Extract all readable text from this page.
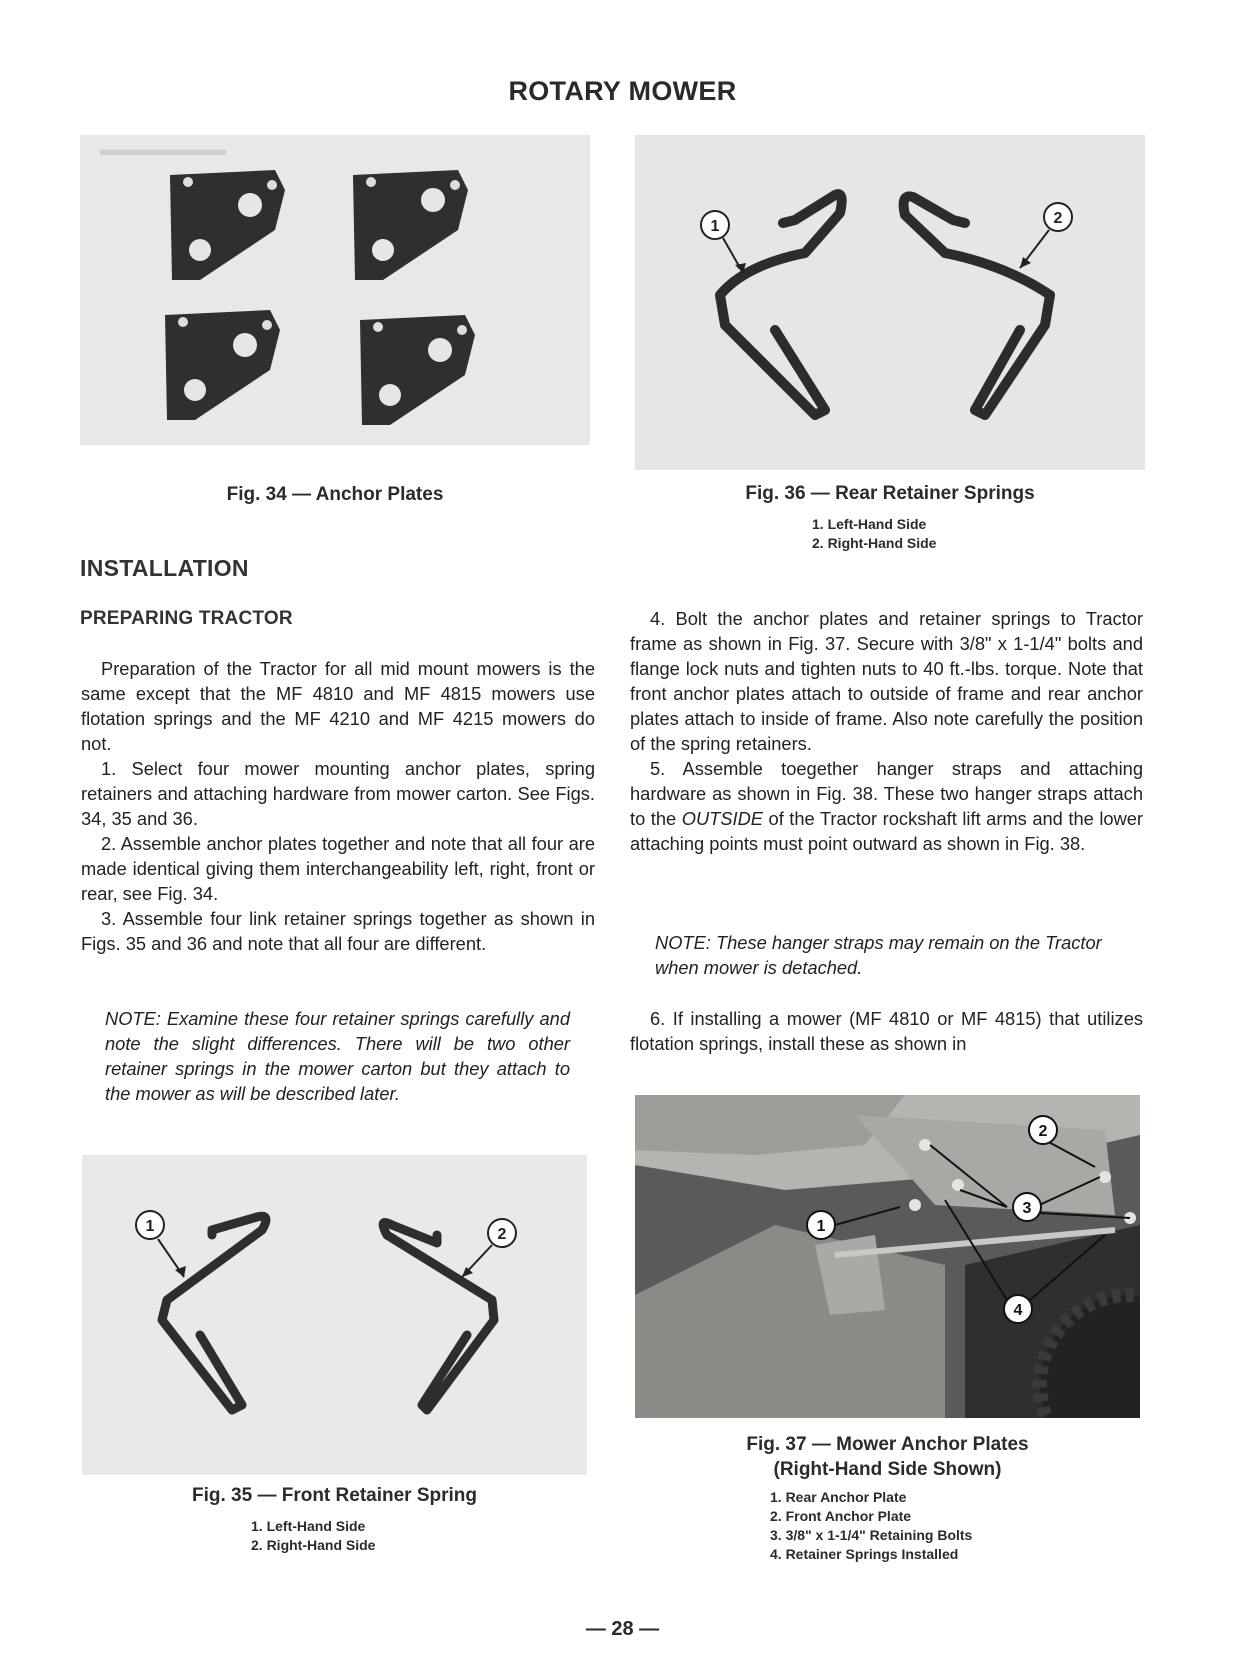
ROTARY MOWER
▬▬▬▬▬▬▬
Fig. 34 — Anchor Plates
1	2
Fig. 36 — Rear Retainer Springs
1. Left-Hand Side
2. Right-Hand Side
INSTALLATION
PREPARING TRACTOR

Preparation of the Tractor for all mid mount mowers is the same except that the MF 4810 and MF 4815 mowers use flotation springs and the MF 4210 and MF 4215 mowers do not.

1. Select four mower mounting anchor plates, spring retainers and attaching hardware from mower carton. See Figs. 34, 35 and 36.

2. Assemble anchor plates together and note that all four are made identical giving them interchangeability left, right, front or rear, see Fig. 34.

3. Assemble four link retainer springs together as shown in Figs. 35 and 36 and note that all four are different.

NOTE: Examine these four retainer springs carefully and note the slight differences. There will be two other retainer springs in the mower carton but they attach to the mower as will be described later.
1	2
Fig. 35 — Front Retainer Spring
1. Left-Hand Side
2. Right-Hand Side

4. Bolt the anchor plates and retainer springs to Tractor frame as shown in Fig. 37. Secure with 3/8" x 1-1/4" bolts and flange lock nuts and tighten nuts to 40 ft.-lbs. torque. Note that front anchor plates attach to outside of frame and rear anchor plates attach to inside of frame. Also note carefully the position of the spring retainers.

5. Assemble toegether hanger straps and attaching hardware as shown in Fig. 38. These two hanger straps attach to the OUTSIDE of the Tractor rockshaft lift arms and the lower attaching points must point outward as shown in Fig. 38.

NOTE: These hanger straps may remain on the Tractor when mower is detached.

6. If installing a mower (MF 4810 or MF 4815) that utilizes flotation springs, install these as shown in

1
2
3
4
Fig. 37 — Mower Anchor Plates
(Right-Hand Side Shown)
1. Rear Anchor Plate
2. Front Anchor Plate
3. 3/8" x 1-1/4" Retaining Bolts
4. Retainer Springs Installed
— 28 —
